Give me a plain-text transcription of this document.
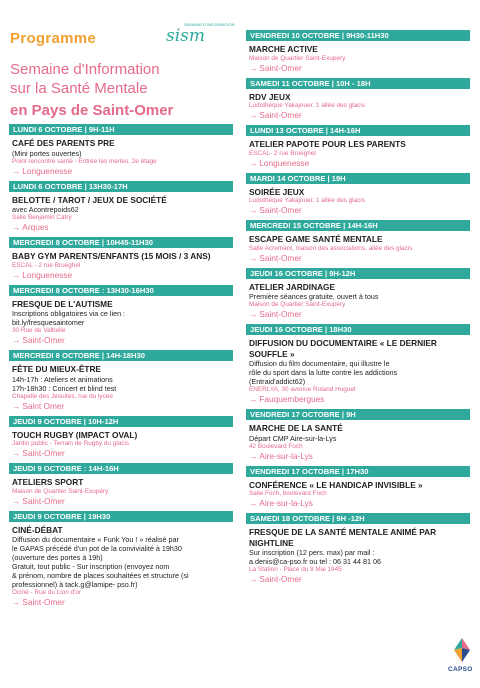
Programme	sism
SEMAINE D'INFORMATION
Semaine d'Information
sur la Santé Mentale
en Pays de Saint-Omer
LUNDI 6 OCTOBRE | 9H-11H
CAFÉ DES PARENTS PRE
(Mini portes ouvertes)
Point rencontre santé - Entrée les merles, 2e étage
→ Longuenesse
LUNDI 6 OCTOBRE | 13H30-17H
BELOTTE / TAROT / JEUX DE SOCIÉTÉ
avec Acontrepoids62
Salle Benjamin Catry
→ Arques
MERCREDI 8 OCTOBRE | 10H45-11H30
BABY GYM PARENTS/ENFANTS (15 MOIS / 3 ANS)
ESCAL - 2 rue Brueghel
→ Longuenesse
MERCREDI 8 OCTOBRE : 13H30-16H30
FRESQUE DE L'AUTISME
Inscriptions obligatoires via ce lien :
bit.ly/fresquesaintomer
30 Rue de Valbelle
→ Saint-Omer
MERCREDI 8 OCTOBRE | 14H-18H30
FÊTE DU MIEUX-ÊTRE
14h-17h : Ateliers et animations
17h-18h30 : Concert et blind test
Chapelle des Jésuites, rue du lycée
→ Saint Omer
JEUDI 9 OCTOBRE | 10H-12H
TOUCH RUGBY (IMPACT OVAL)
Jardin public - Terrain de Rugby du glacis
→ Saint-Omer
JEUDI 9 OCTOBRE : 14H-16H
ATELIERS SPORT
Maison de Quartier Saint-Exupéry
→ Saint-Omer
JEUDI 9 OCTOBRE | 19H30
CINÉ-DÉBAT
Diffusion du documentaire « Funk You ! » réalisé par
le GAPAS précédé d'un pot de la convivialité à 19h30
(ouverture des portes à 19h)
Gratuit, tout public - Sur inscription (envoyez nom
& prénom, nombre de places souhaitées et structure (si
professionnel) à tack.g@lamipe- pso.fr)
Ociné - Rue du Lion d'or
→ Saint-Omer
VENDREDI 10 OCTOBRE | 9H30-11H30
MARCHE ACTIVE
Maison de Quartier Saint-Exupéry
→ Saint-Omer
SAMEDI 11 OCTOBRE | 10H - 18H
RDV JEUX
Ludothèque Yakajouer, 1 allée des glacis
→ Saint-Omer
LUNDI 13 OCTOBRE | 14H-16H
ATELIER PAPOTE POUR LES PARENTS
ESCAL- 2 rue Brueghel
→ Longuenesse
MARDI 14 OCTOBRE | 19H
SOIRÉE JEUX
Ludothèque Yakajouer, 1 allée des glacis
→ Saint-Omer
MERCREDI 15 OCTOBRE | 14H-16H
ESCAPE GAME SANTÉ MENTALE
Salle Acremant, maison des associations. allée des glacis
→ Saint-Omer
JEUDI 16 OCTOBRE | 9H-12H
ATELIER JARDINAGE
Première séances gratuite, ouvert à tous
Maison de Quartier Saint-Exupéry
→ Saint-Omer
JEUDI 16 OCTOBRE | 18H30
DIFFUSION DU DOCUMENTAIRE « LE DERNIER SOUFFLE »
Diffusion du film documentaire, qui illustre le
rôle du sport dans la lutte contre les addictions
(Entraid'addict62)
ENERLYA, 30 avenue Roland Huguet
→ Fauquembergues
VENDREDI 17 OCTOBRE | 9H
MARCHE DE LA SANTÉ
Départ CMP Aire-sur-la-Lys
42 Boulevard Foch
→ Aire-sur-la-Lys
VENDREDI 17 OCTOBRE | 17H30
CONFÉRENCE « LE HANDICAP INVISIBLE »
Salle Foch, boulevard Foch
→ Aire-sur-la-Lys
SAMEDI 18 OCTOBRE | 9H -12H
FRESQUE DE LA SANTÉ MENTALE ANIMÉ PAR NIGHTLINE
Sur inscription (12 pers. max) par mail :
a.denis@ca-pso.fr ou tel : 06 31 44 81 06
La Station - Place du 8 Mai 1945
→ Saint-Omer
CAPSO
